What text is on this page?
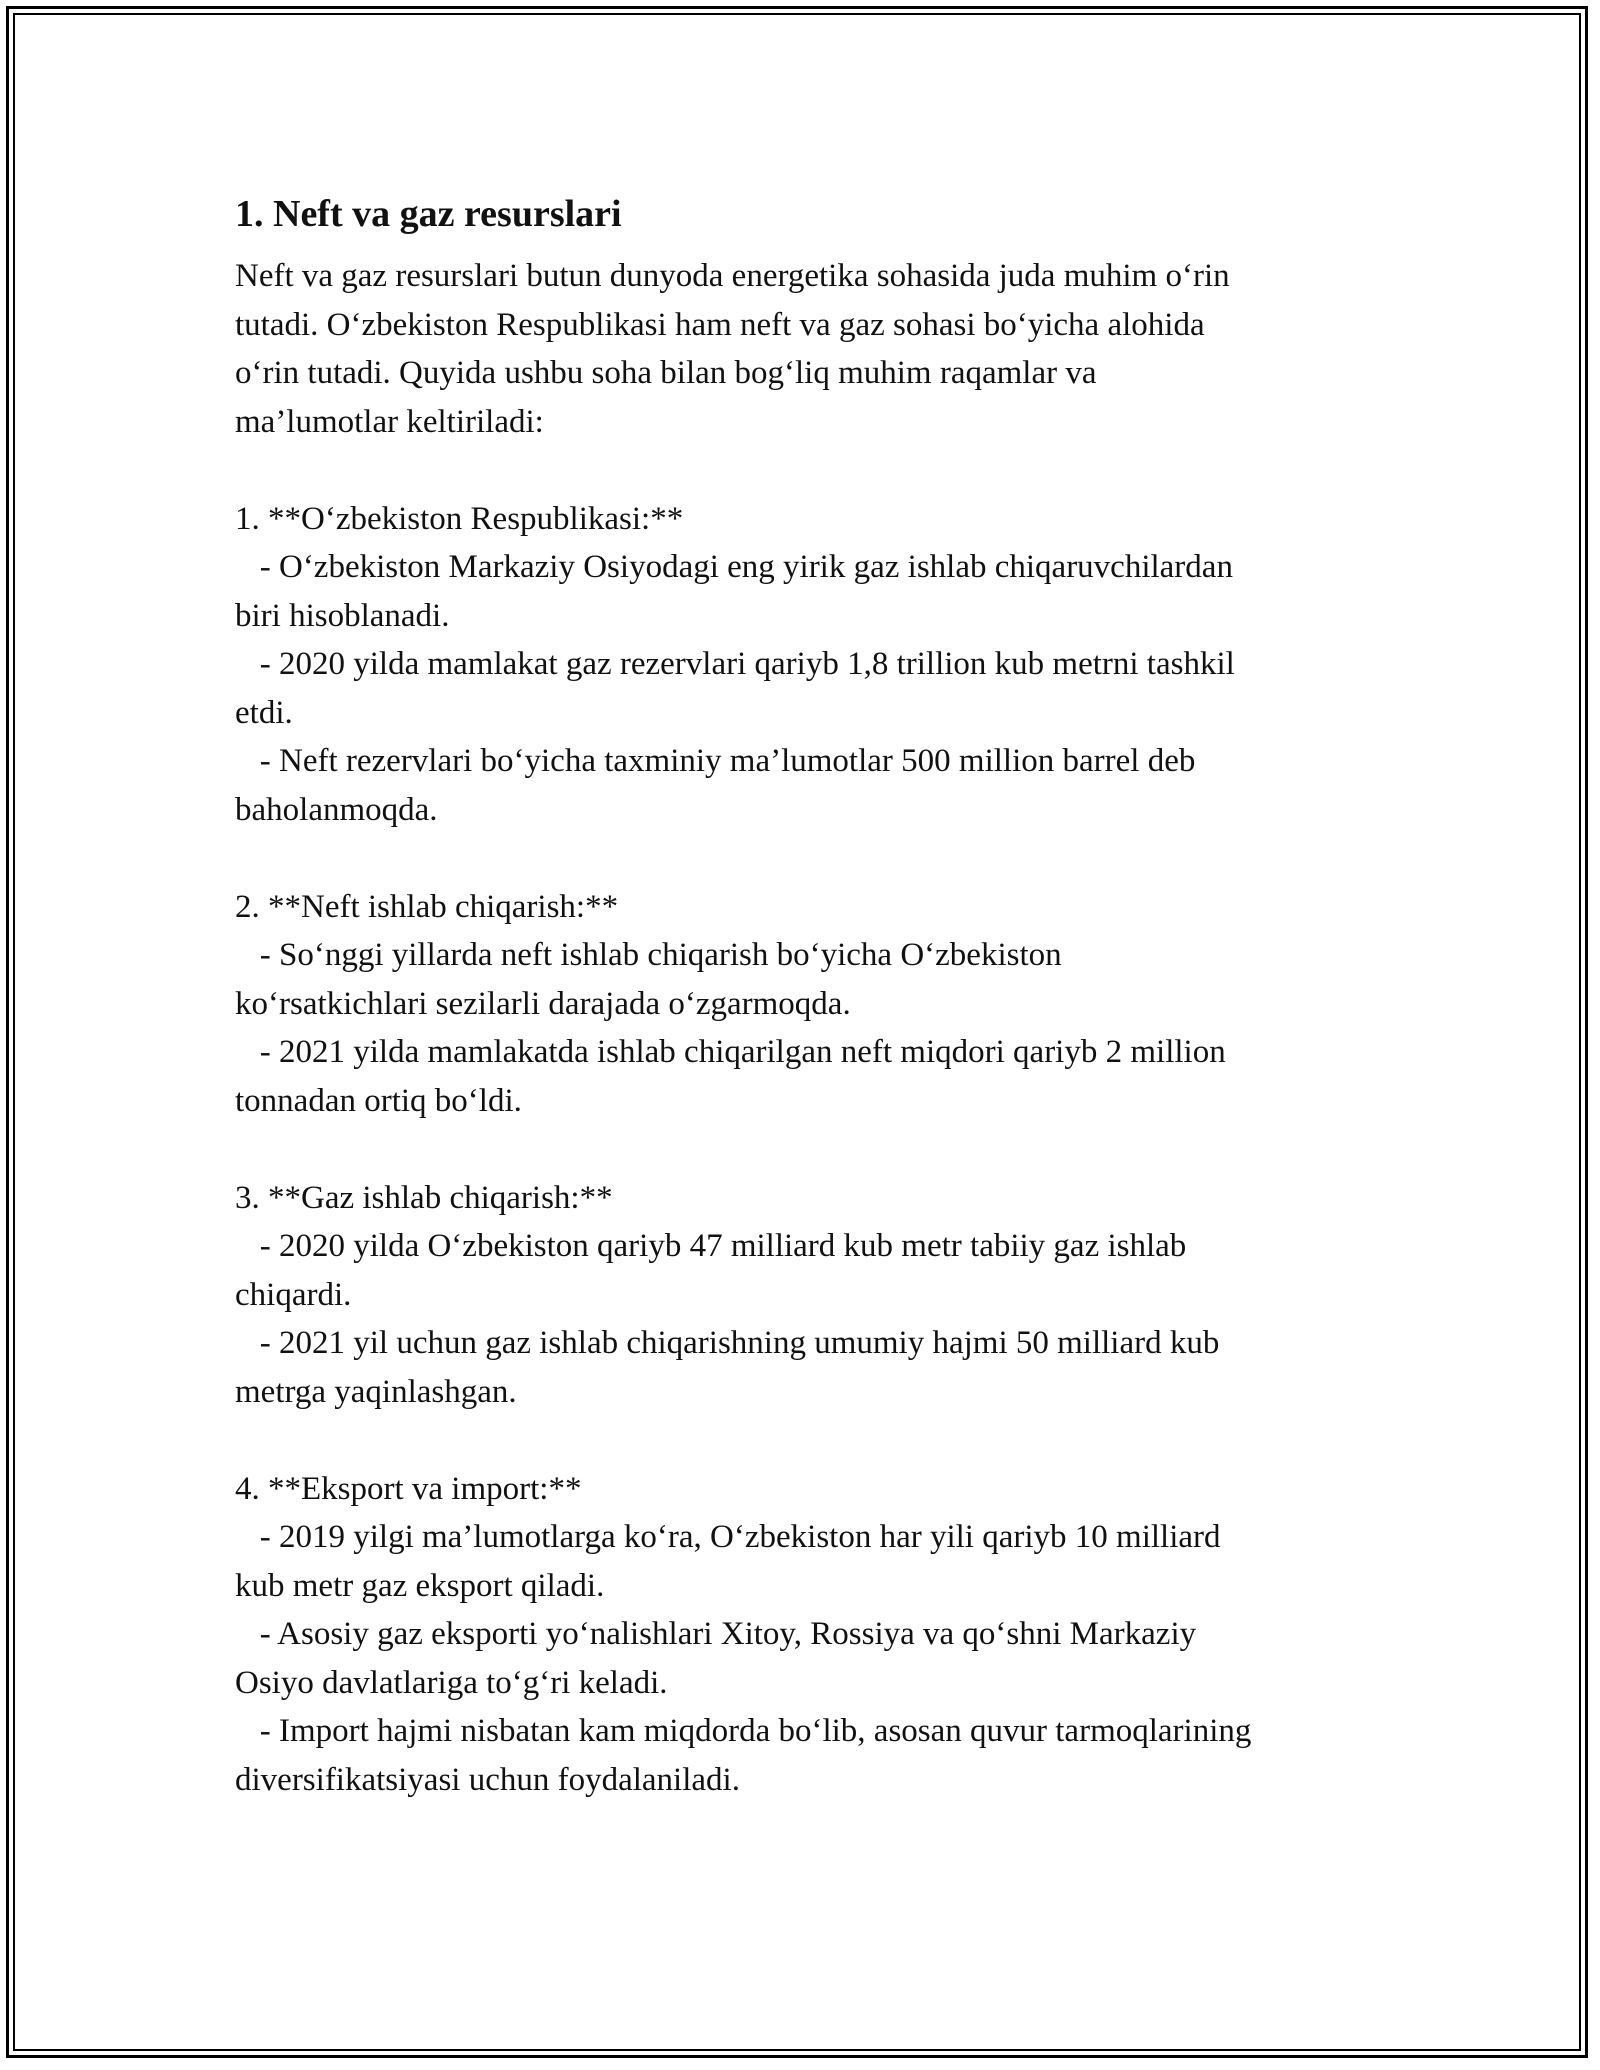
1. Neft va gaz resurslari

Neft va gaz resurslari butun dunyoda energetika sohasida juda muhim oʻrin
tutadi. Oʻzbekiston Respublikasi ham neft va gaz sohasi boʻyicha alohida
oʻrin tutadi. Quyida ushbu soha bilan bogʻliq muhim raqamlar va
ma’lumotlar keltiriladi:

1. **Oʻzbekiston Respublikasi:**
- Oʻzbekiston Markaziy Osiyodagi eng yirik gaz ishlab chiqaruvchilardan
biri hisoblanadi.
- 2020 yilda mamlakat gaz rezervlari qariyb 1,8 trillion kub metrni tashkil
etdi.
- Neft rezervlari boʻyicha taxminiy ma’lumotlar 500 million barrel deb
baholanmoqda.

2. **Neft ishlab chiqarish:**
- Soʻnggi yillarda neft ishlab chiqarish boʻyicha Oʻzbekiston
koʻrsatkichlari sezilarli darajada oʻzgarmoqda.
- 2021 yilda mamlakatda ishlab chiqarilgan neft miqdori qariyb 2 million
tonnadan ortiq boʻldi.

3. **Gaz ishlab chiqarish:**
- 2020 yilda Oʻzbekiston qariyb 47 milliard kub metr tabiiy gaz ishlab
chiqardi.
- 2021 yil uchun gaz ishlab chiqarishning umumiy hajmi 50 milliard kub
metrga yaqinlashgan.

4. **Eksport va import:**
- 2019 yilgi ma’lumotlarga koʻra, Oʻzbekiston har yili qariyb 10 milliard
kub metr gaz eksport qiladi.
- Asosiy gaz eksporti yoʻnalishlari Xitoy, Rossiya va qoʻshni Markaziy
Osiyo davlatlariga toʻgʻri keladi.
- Import hajmi nisbatan kam miqdorda boʻlib, asosan quvur tarmoqlarining
diversifikatsiyasi uchun foydalaniladi.
